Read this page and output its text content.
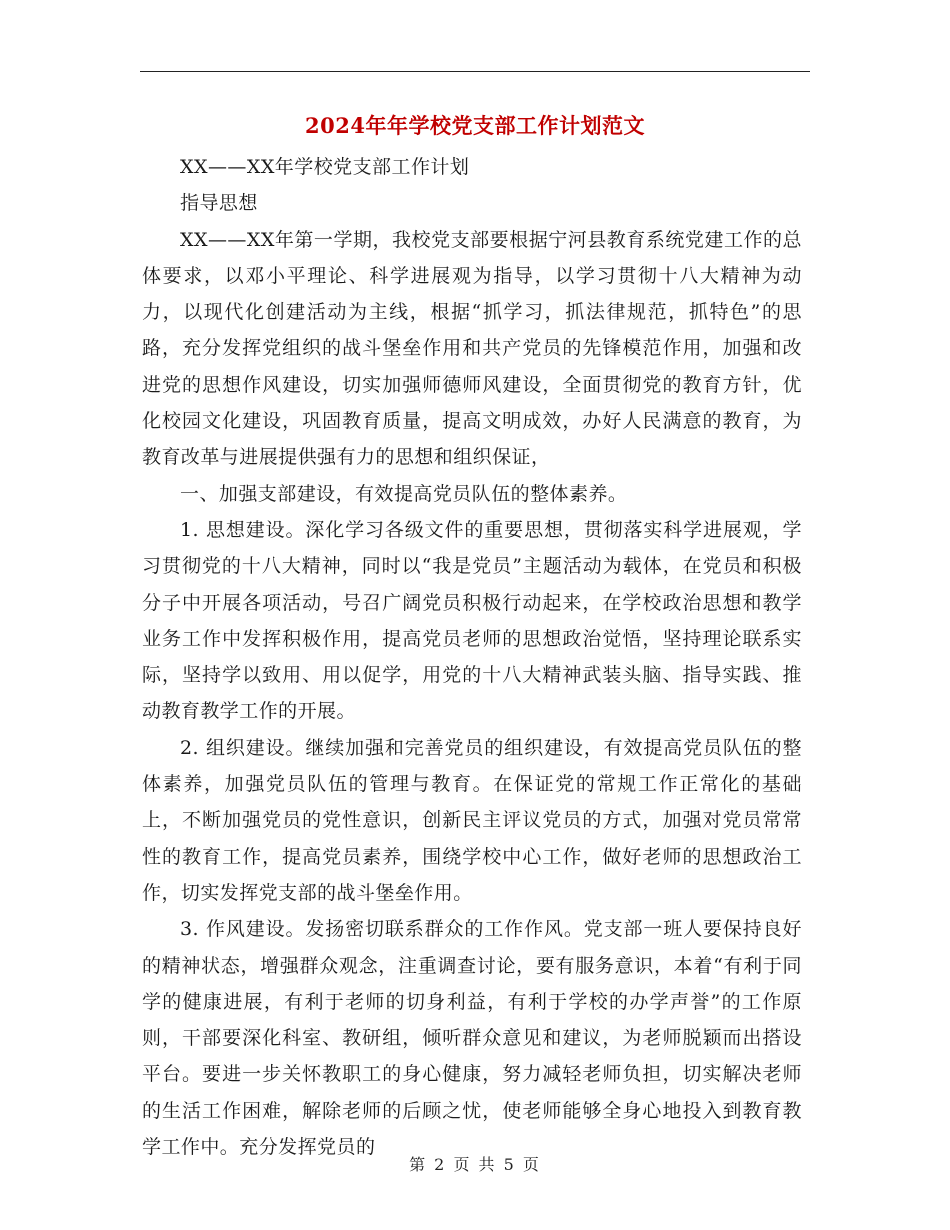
2024年年学校党支部工作计划范文

XX——XX年学校党支部工作计划

指导思想

XX——XX年第一学期，我校党支部要根据宁河县教育系统党建工作的总体要求，以邓小平理论、科学进展观为指导，以学习贯彻十八大精神为动力，以现代化创建活动为主线，根据“抓学习，抓法律规范，抓特色”的思路，充分发挥党组织的战斗堡垒作用和共产党员的先锋模范作用，加强和改进党的思想作风建设，切实加强师德师风建设，全面贯彻党的教育方针，优化校园文化建设，巩固教育质量，提高文明成效，办好人民满意的教育，为教育改革与进展提供强有力的思想和组织保证，

一、加强支部建设，有效提高党员队伍的整体素养。

1. 思想建设。深化学习各级文件的重要思想，贯彻落实科学进展观，学习贯彻党的十八大精神，同时以“我是党员”主题活动为载体，在党员和积极分子中开展各项活动，号召广阔党员积极行动起来，在学校政治思想和教学业务工作中发挥积极作用，提高党员老师的思想政治觉悟，坚持理论联系实际，坚持学以致用、用以促学，用党的十八大精神武装头脑、指导实践、推动教育教学工作的开展。

2. 组织建设。继续加强和完善党员的组织建设，有效提高党员队伍的整体素养，加强党员队伍的管理与教育。在保证党的常规工作正常化的基础上，不断加强党员的党性意识，创新民主评议党员的方式，加强对党员常常性的教育工作，提高党员素养，围绕学校中心工作，做好老师的思想政治工作，切实发挥党支部的战斗堡垒作用。

3. 作风建设。发扬密切联系群众的工作作风。党支部一班人要保持良好的精神状态，增强群众观念，注重调查讨论，要有服务意识，本着“有利于同学的健康进展，有利于老师的切身利益，有利于学校的办学声誉”的工作原则，干部要深化科室、教研组，倾听群众意见和建议，为老师脱颖而出搭设平台。要进一步关怀教职工的身心健康，努力减轻老师负担，切实解决老师的生活工作困难，解除老师的后顾之忧，使老师能够全身心地投入到教育教学工作中。充分发挥党员的

第 2 页 共 5 页
